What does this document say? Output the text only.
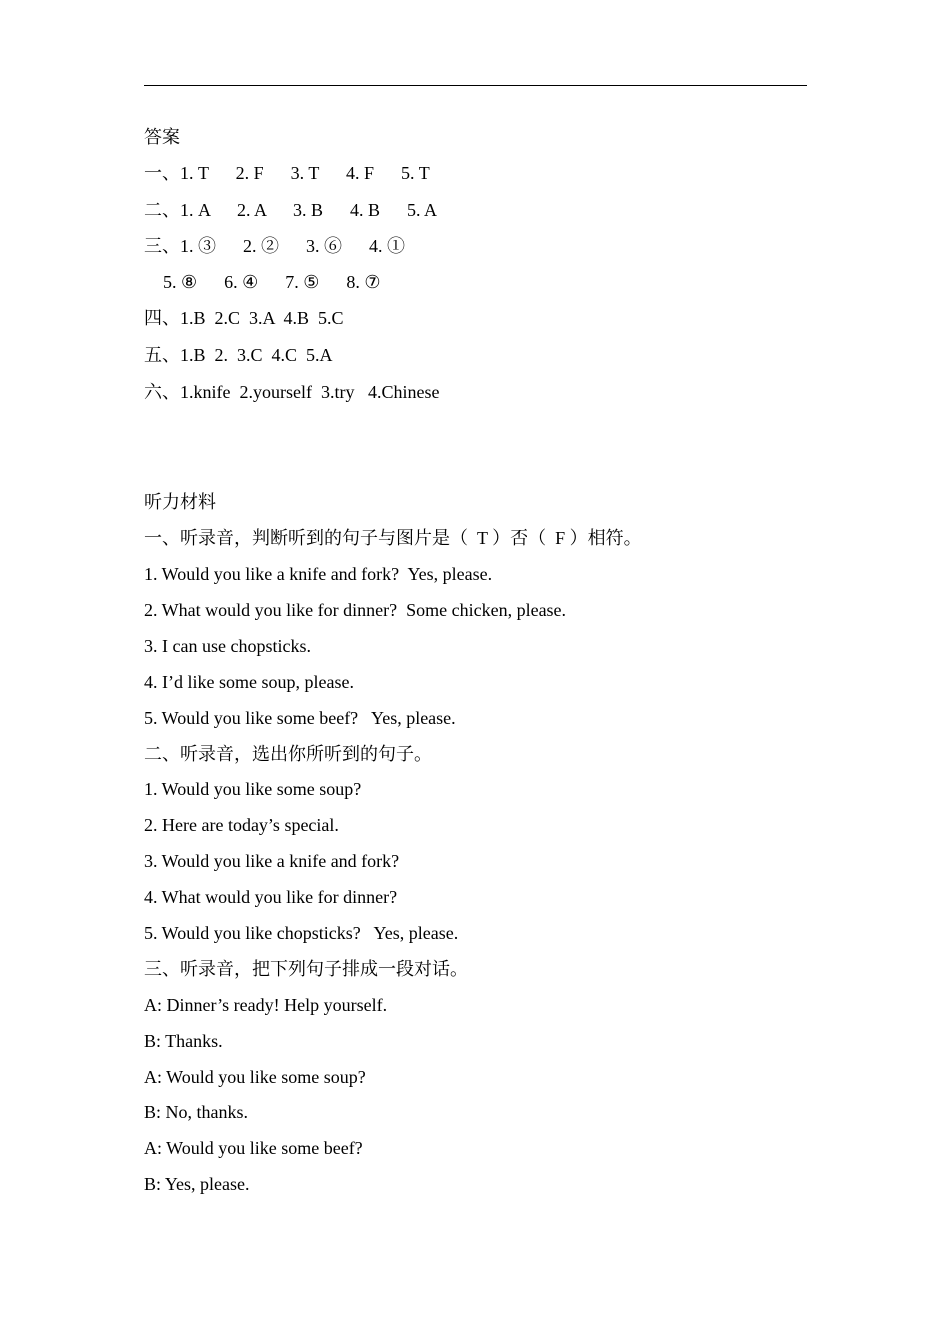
答案
一、1. T      2. F      3. T      4. F      5. T
二、1. A      2. A      3. B      4. B      5. A
三、1. ③      2. ②      3. ⑥      4. ①
5. ⑧      6. ④      7. ⑤      8. ⑦
四、1.B  2.C  3.A  4.B  5.C
五、1.B  2.  3.C  4.C  5.A
六、1.knife  2.yourself  3.try   4.Chinese
听力材料
一、听录音，判断听到的句子与图片是（  T ）否（  F ）相符。
1. Would you like a knife and fork?  Yes, please.
2. What would you like for dinner?  Some chicken, please.
3. I can use chopsticks.
4. I’d like some soup, please.
5. Would you like some beef?   Yes, please.
二、听录音，选出你所听到的句子。
1. Would you like some soup?
2. Here are today’s special.
3. Would you like a knife and fork?
4. What would you like for dinner?
5. Would you like chopsticks?   Yes, please.
三、听录音，把下列句子排成一段对话。
A: Dinner’s ready! Help yourself.
B: Thanks.
A: Would you like some soup?
B: No, thanks.
A: Would you like some beef?
B: Yes, please.
